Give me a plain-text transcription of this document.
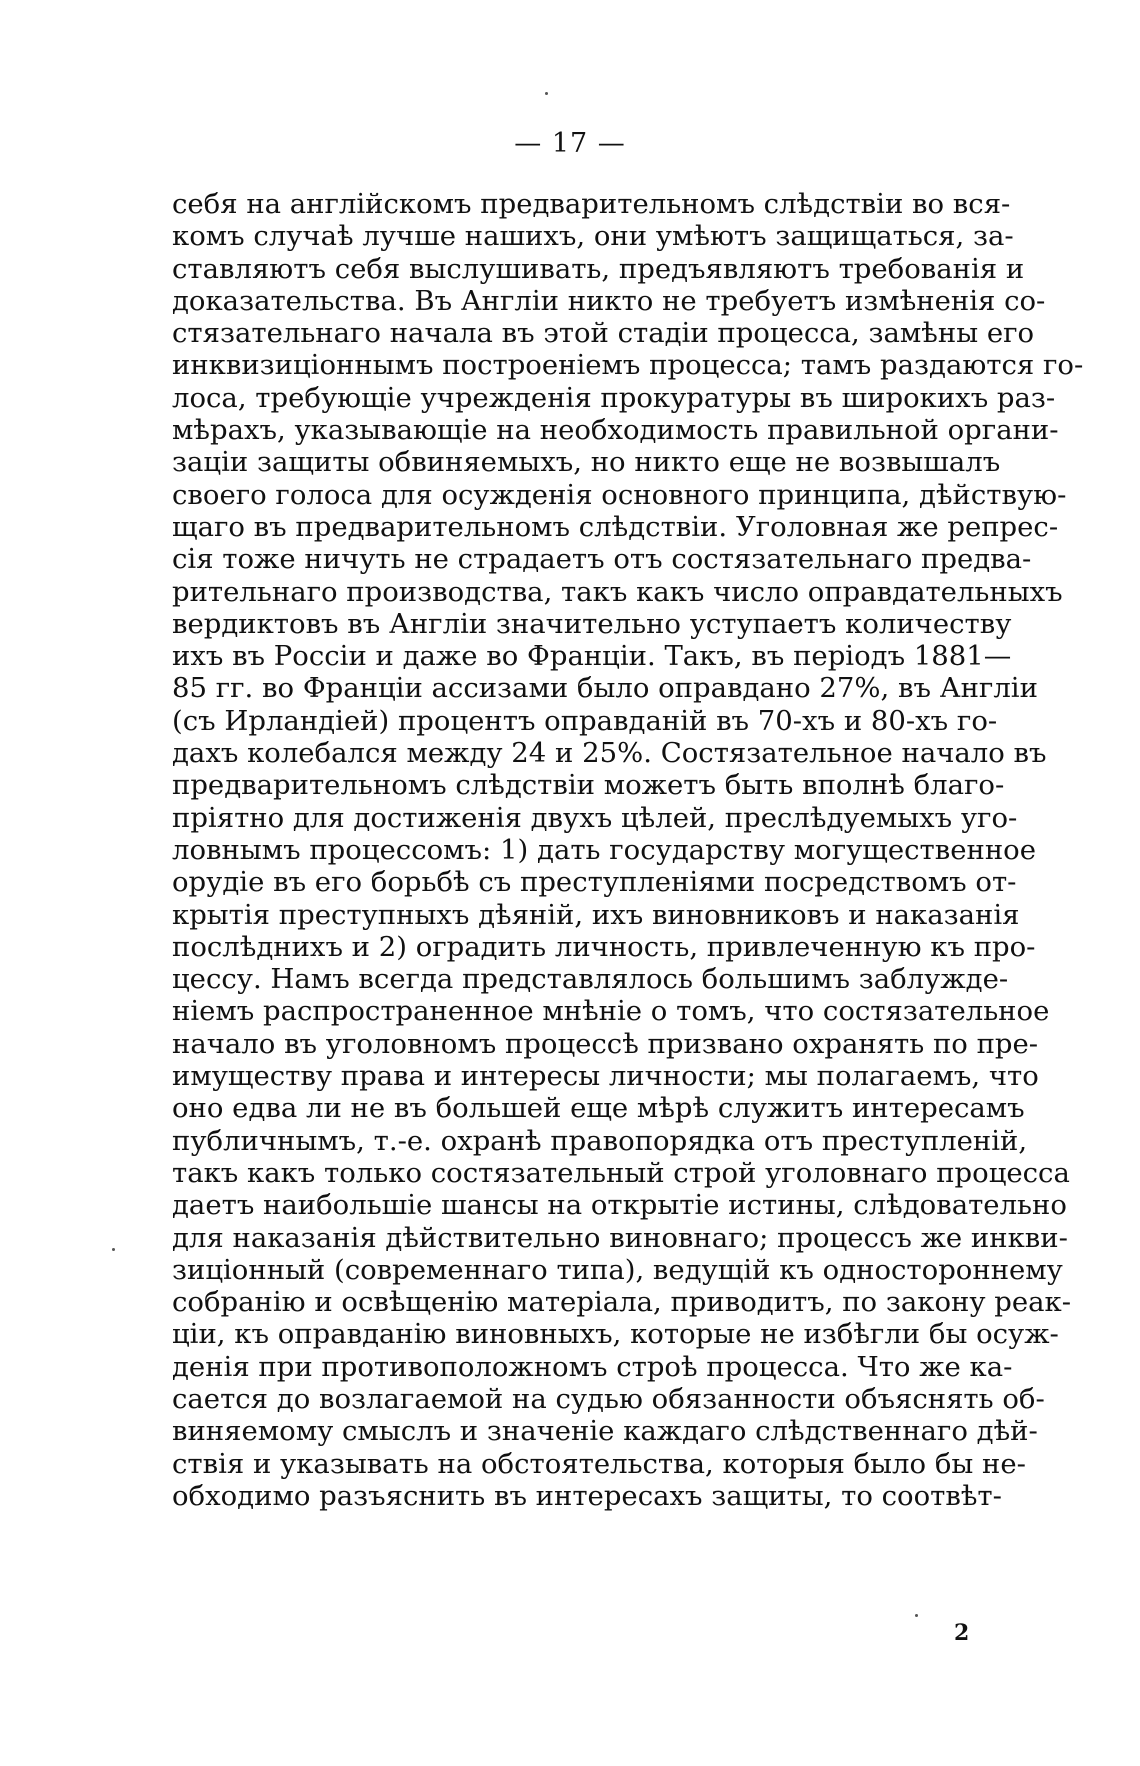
— 17 —
себя на англійскомъ предварительномъ слѣдствіи во вся-
комъ случаѣ лучше нашихъ, они умѣютъ защищаться, за-
ставляютъ себя выслушивать, предъявляютъ требованія и
доказательства. Въ Англіи никто не требуетъ измѣненія со-
стязательнаго начала въ этой стадіи процесса, замѣны его
инквизиціоннымъ построеніемъ процесса; тамъ раздаются го-
лоса, требующіе учрежденія прокуратуры въ широкихъ раз-
мѣрахъ, указывающіе на необходимость правильной органи-
заціи защиты обвиняемыхъ, но никто еще не возвышалъ
своего голоса для осужденія основного принципа, дѣйствую-
щаго въ предварительномъ слѣдствіи. Уголовная же репрес-
сія тоже ничуть не страдаетъ отъ состязательнаго предва-
рительнаго производства, такъ какъ число оправдательныхъ
вердиктовъ въ Англіи значительно уступаетъ количеству
ихъ въ Россіи и даже во Франціи. Такъ, въ періодъ 1881—
85 гг. во Франціи ассизами было оправдано 27%, въ Англіи
(съ Ирландіей) процентъ оправданій въ 70-хъ и 80-хъ го-
дахъ колебался между 24 и 25%. Состязательное начало въ
предварительномъ слѣдствіи можетъ быть вполнѣ благо-
пріятно для достиженія двухъ цѣлей, преслѣдуемыхъ уго-
ловнымъ процессомъ: 1) дать государству могущественное
орудіе въ его борьбѣ съ преступленіями посредствомъ от-
крытія преступныхъ дѣяній, ихъ виновниковъ и наказанія
послѣднихъ и 2) оградить личность, привлеченную къ про-
цессу. Намъ всегда представлялось большимъ заблужде-
ніемъ распространенное мнѣніе о томъ, что состязательное
начало въ уголовномъ процессѣ призвано охранять по пре-
имуществу права и интересы личности; мы полагаемъ, что
оно едва ли не въ большей еще мѣрѣ служитъ интересамъ
публичнымъ, т.-е. охранѣ правопорядка отъ преступленій,
такъ какъ только состязательный строй уголовнаго процесса
даетъ наибольшіе шансы на открытіе истины, слѣдовательно
для наказанія дѣйствительно виновнаго; процессъ же инкви-
зиціонный (современнаго типа), ведущій къ одностороннему
собранію и освѣщенію матеріала, приводитъ, по закону реак-
ціи, къ оправданію виновныхъ, которые не избѣгли бы осуж-
денія при противоположномъ строѣ процесса. Что же ка-
сается до возлагаемой на судью обязанности объяснять об-
виняемому смыслъ и значеніе каждаго слѣдственнаго дѣй-
ствія и указывать на обстоятельства, которыя было бы не-
обходимо разъяснить въ интересахъ защиты, то соотвѣт-
2
